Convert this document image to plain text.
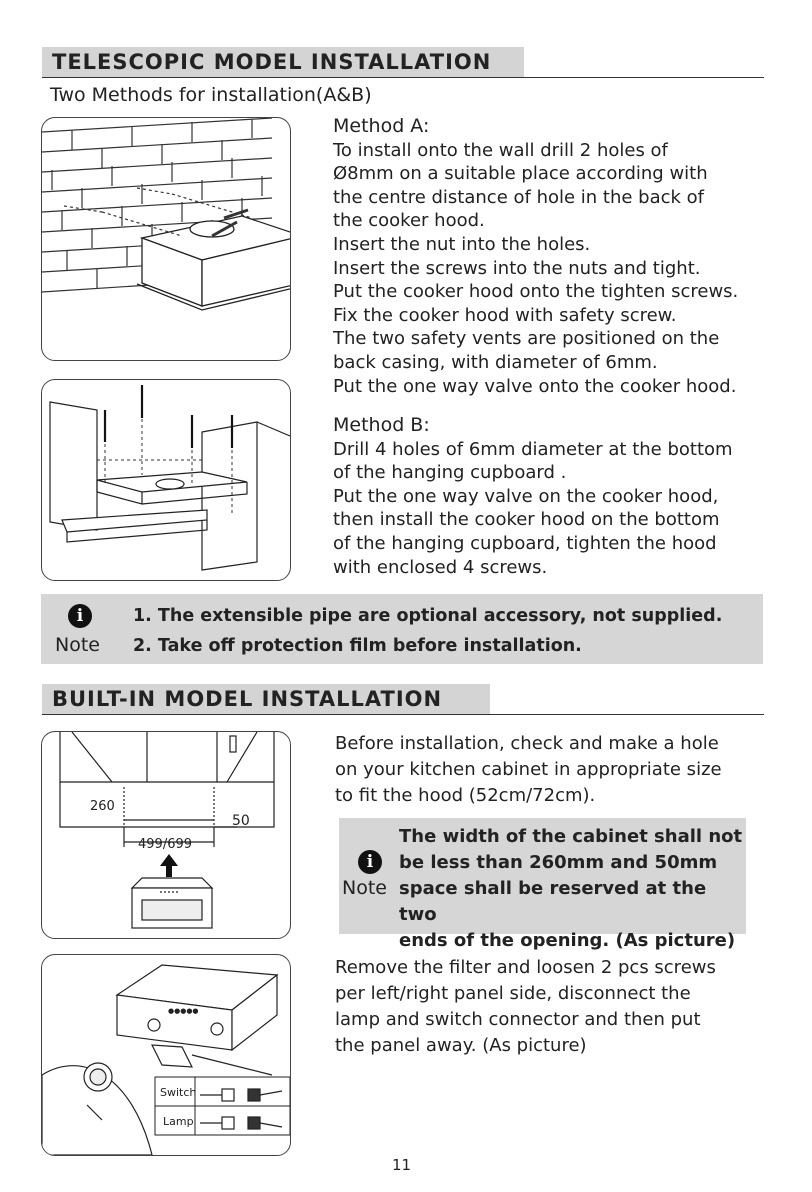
TELESCOPIC MODEL INSTALLATION
Two Methods for installation(A&B)
Method A:

To install onto the wall drill 2 holes of

Ø8mm on a suitable place according with

the centre distance of hole in the back of

the cooker hood.

Insert the nut into the holes.

Insert the screws into the nuts and tight.

Put the cooker hood onto the tighten screws.

Fix the cooker hood with safety screw.

The two safety vents are positioned on the

back casing, with diameter of 6mm.

Put the one way valve onto the cooker hood.

Method B:

Drill 4 holes of 6mm diameter at the bottom

of the hanging cupboard .

Put the one way valve on the cooker hood,

then install the cooker hood on the bottom

of the hanging cupboard, tighten the hood

with enclosed 4 screws.

i
Note
1. The extensible pipe are optional accessory, not supplied.
2. Take off protection film before installation.
BUILT-IN MODEL INSTALLATION
260
50
499/699
●●●●●
Switch
Lamp
Before installation, check and make a hole
on your kitchen cabinet in appropriate size
to fit the hood (52cm/72cm).
i
Note
The width of the cabinet shall not
be less than 260mm and 50mm
space shall be reserved at the two
ends of the opening. (As picture)
Remove the filter and loosen 2 pcs screws
per left/right panel side, disconnect the
lamp and switch connector and then put
the panel away. (As picture)
11
